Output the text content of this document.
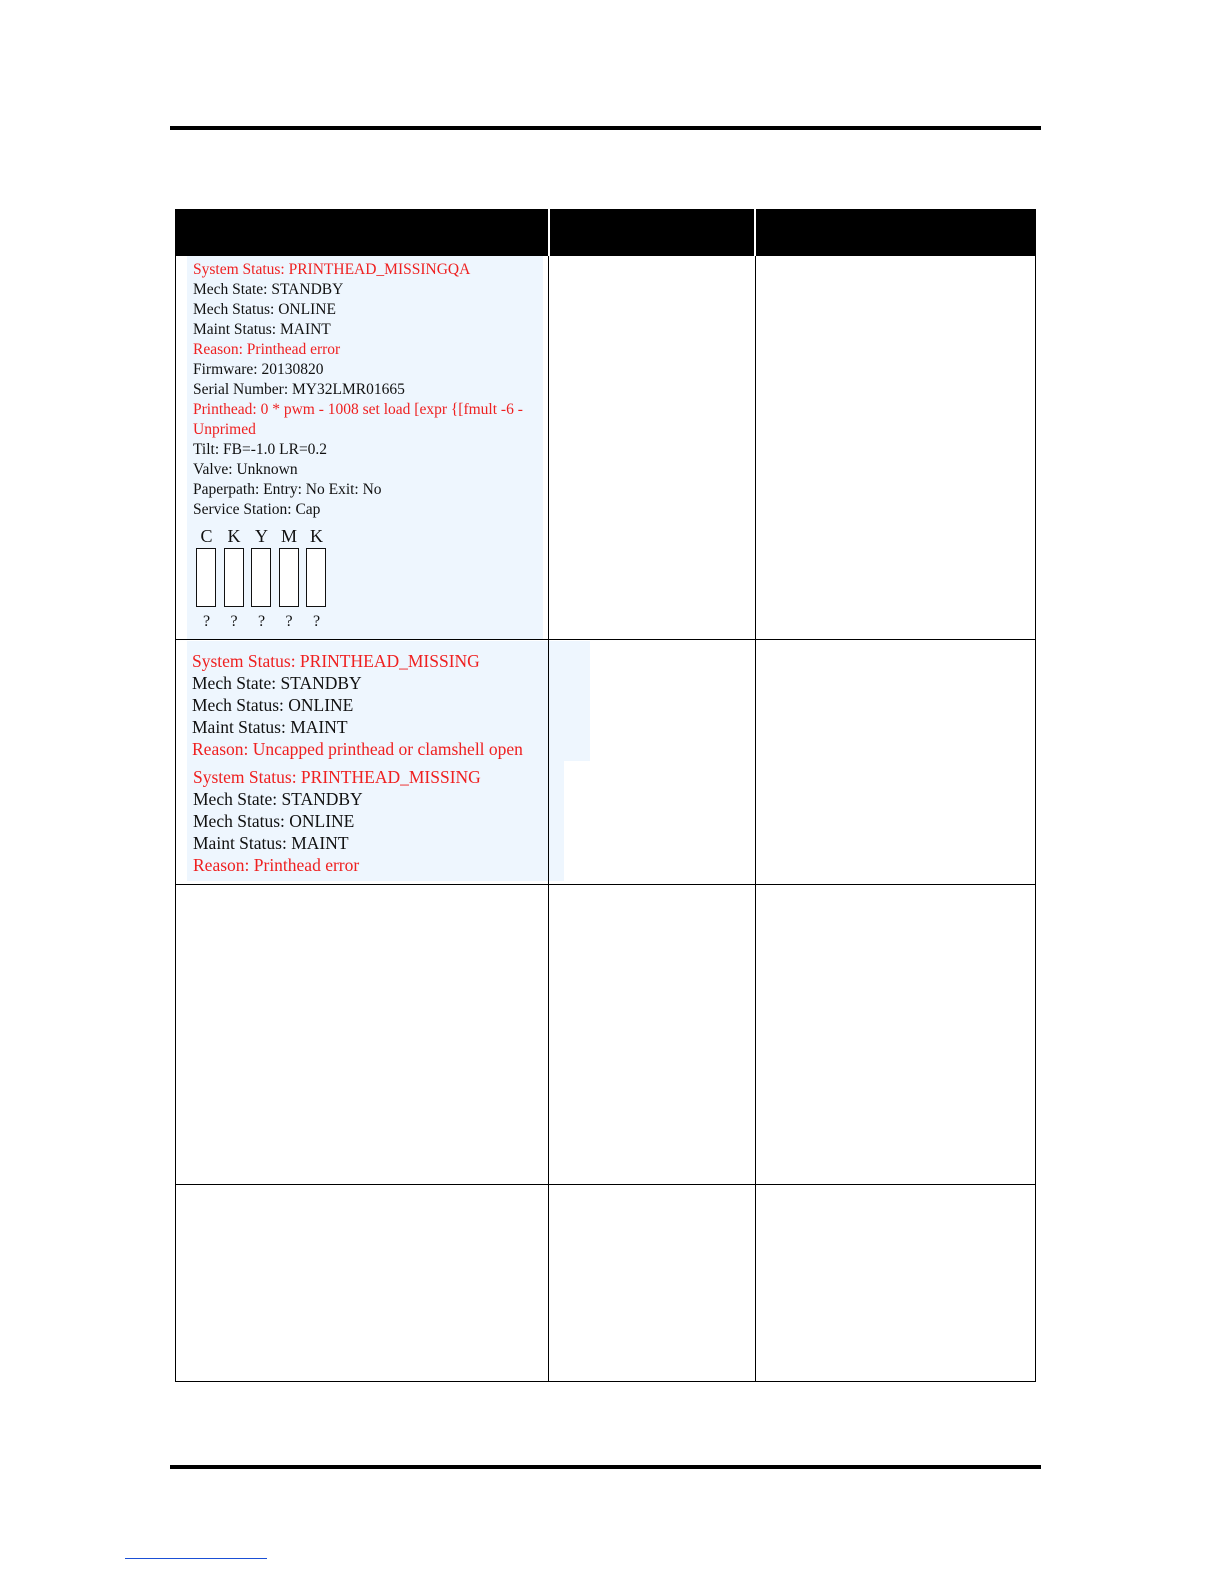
System Status: PRINTHEAD_MISSINGQA
Mech State: STANDBY
Mech Status: ONLINE
Maint Status: MAINT
Reason: Printhead error
Firmware: 20130820
Serial Number: MY32LMR01665
Printhead: 0 * pwm - 1008 set load [expr {[fmult -6 -
Unprimed
Tilt: FB=-1.0 LR=0.2
Valve: Unknown
Paperpath: Entry: No Exit: No
Service Station: Cap
C
?
K
?
Y
?
M
?
K
?
System Status: PRINTHEAD_MISSING
Mech State: STANDBY
Mech Status: ONLINE
Maint Status: MAINT
Reason: Uncapped printhead or clamshell open
System Status: PRINTHEAD_MISSING
Mech State: STANDBY
Mech Status: ONLINE
Maint Status: MAINT
Reason: Printhead error
